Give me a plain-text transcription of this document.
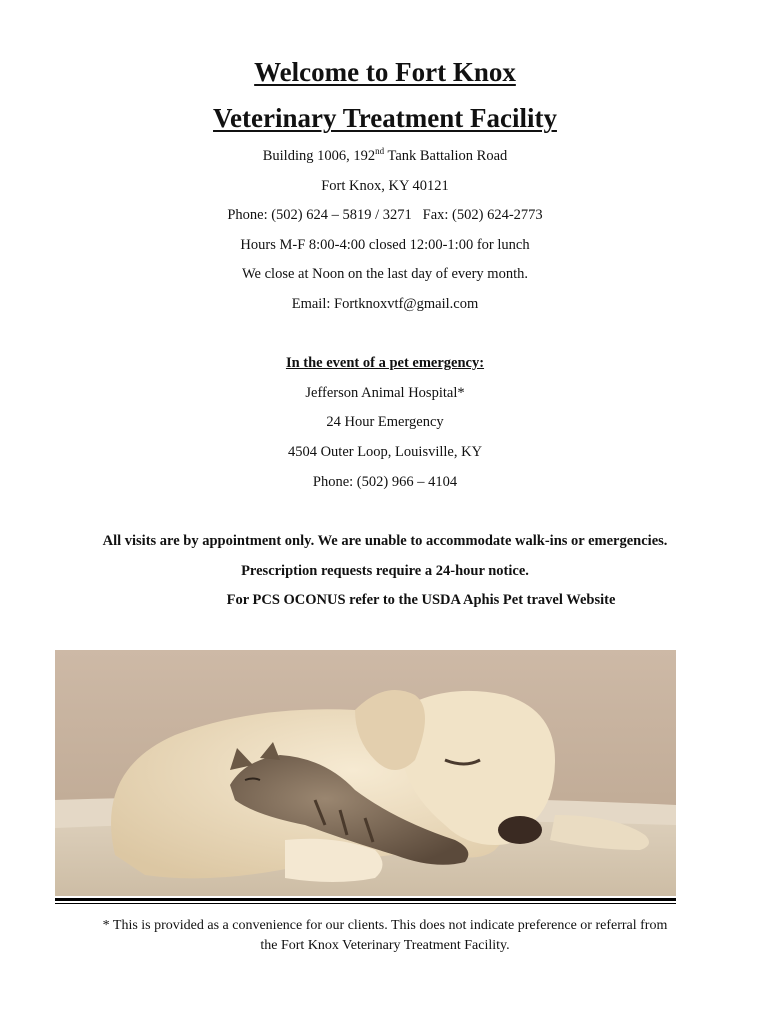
Welcome to Fort Knox
Veterinary Treatment Facility
Building 1006, 192nd Tank Battalion Road
Fort Knox, KY 40121
Phone: (502) 624 – 5819 / 3271   Fax: (502) 624-2773
Hours M-F 8:00-4:00 closed 12:00-1:00 for lunch
We close at Noon on the last day of every month.
Email: Fortknoxvtf@gmail.com
In the event of a pet emergency:
Jefferson Animal Hospital*
24 Hour Emergency
4504 Outer Loop, Louisville, KY
Phone: (502) 966 – 4104
All visits are by appointment only. We are unable to accommodate walk-ins or emergencies.
Prescription requests require a 24-hour notice.
For PCS OCONUS refer to the USDA Aphis Pet travel Website
* This is provided as a convenience for our clients. This does not indicate preference or referral from
the Fort Knox Veterinary Treatment Facility.
